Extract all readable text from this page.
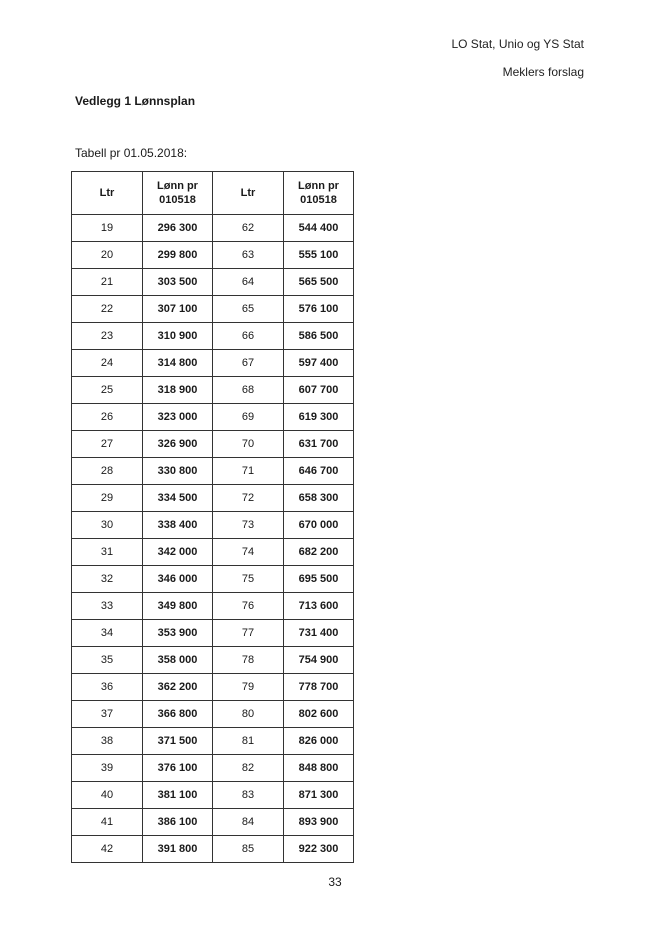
LO Stat, Unio og YS Stat
Meklers forslag
Vedlegg 1 Lønnsplan
Tabell pr 01.05.2018:
Ltr	Lønn pr 010518	Ltr	Lønn pr 010518
19	296 300	62	544 400
20	299 800	63	555 100
21	303 500	64	565 500
22	307 100	65	576 100
23	310 900	66	586 500
24	314 800	67	597 400
25	318 900	68	607 700
26	323 000	69	619 300
27	326 900	70	631 700
28	330 800	71	646 700
29	334 500	72	658 300
30	338 400	73	670 000
31	342 000	74	682 200
32	346 000	75	695 500
33	349 800	76	713 600
34	353 900	77	731 400
35	358 000	78	754 900
36	362 200	79	778 700
37	366 800	80	802 600
38	371 500	81	826 000
39	376 100	82	848 800
40	381 100	83	871 300
41	386 100	84	893 900
42	391 800	85	922 300
33
